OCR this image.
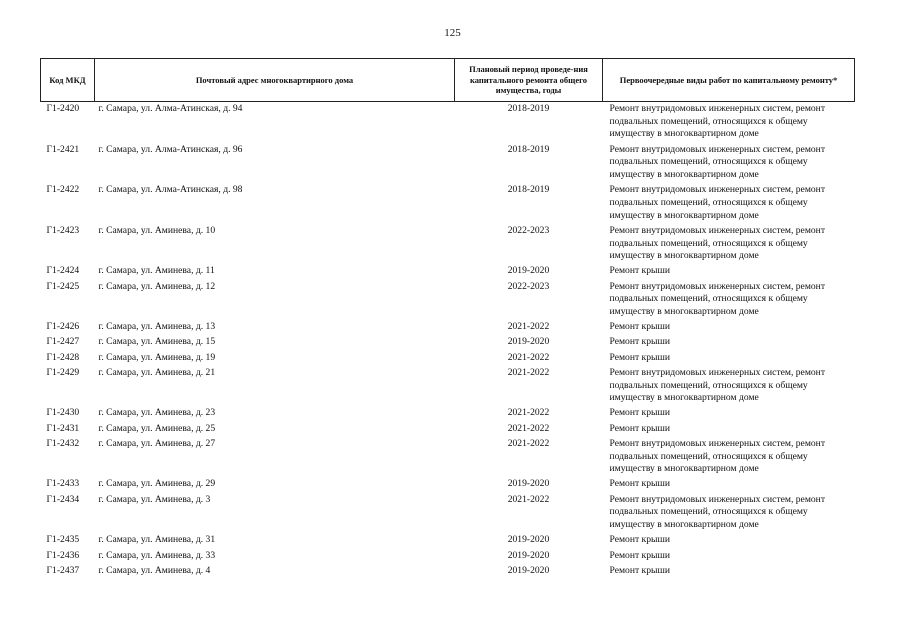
125
Код МКД	Почтовый адрес многоквартирного дома	Плановый период проведе-ния капитального ремонта общего имущества, годы	Первоочередные виды работ по капитальному ремонту*
Г1-2420	г. Самара, ул. Алма-Атинская, д. 94	2018-2019	Ремонт внутридомовых инженерных систем, ремонт подвальных помещений, относящихся к общему имуществу в многоквартирном доме
Г1-2421	г. Самара, ул. Алма-Атинская, д. 96	2018-2019	Ремонт внутридомовых инженерных систем, ремонт подвальных помещений, относящихся к общему имуществу в многоквартирном доме
Г1-2422	г. Самара, ул. Алма-Атинская, д. 98	2018-2019	Ремонт внутридомовых инженерных систем, ремонт подвальных помещений, относящихся к общему имуществу в многоквартирном доме
Г1-2423	г. Самара, ул. Аминева, д. 10	2022-2023	Ремонт внутридомовых инженерных систем, ремонт подвальных помещений, относящихся к общему имуществу в многоквартирном доме
Г1-2424	г. Самара, ул. Аминева, д. 11	2019-2020	Ремонт крыши
Г1-2425	г. Самара, ул. Аминева, д. 12	2022-2023	Ремонт внутридомовых инженерных систем, ремонт подвальных помещений, относящихся к общему имуществу в многоквартирном доме
Г1-2426	г. Самара, ул. Аминева, д. 13	2021-2022	Ремонт крыши
Г1-2427	г. Самара, ул. Аминева, д. 15	2019-2020	Ремонт крыши
Г1-2428	г. Самара, ул. Аминева, д. 19	2021-2022	Ремонт крыши
Г1-2429	г. Самара, ул. Аминева, д. 21	2021-2022	Ремонт внутридомовых инженерных систем, ремонт подвальных помещений, относящихся к общему имуществу в многоквартирном доме
Г1-2430	г. Самара, ул. Аминева, д. 23	2021-2022	Ремонт крыши
Г1-2431	г. Самара, ул. Аминева, д. 25	2021-2022	Ремонт крыши
Г1-2432	г. Самара, ул. Аминева, д. 27	2021-2022	Ремонт внутридомовых инженерных систем, ремонт подвальных помещений, относящихся к общему имуществу в многоквартирном доме
Г1-2433	г. Самара, ул. Аминева, д. 29	2019-2020	Ремонт крыши
Г1-2434	г. Самара, ул. Аминева, д. 3	2021-2022	Ремонт внутридомовых инженерных систем, ремонт подвальных помещений, относящихся к общему имуществу в многоквартирном доме
Г1-2435	г. Самара, ул. Аминева, д. 31	2019-2020	Ремонт крыши
Г1-2436	г. Самара, ул. Аминева, д. 33	2019-2020	Ремонт крыши
Г1-2437	г. Самара, ул. Аминева, д. 4	2019-2020	Ремонт крыши
